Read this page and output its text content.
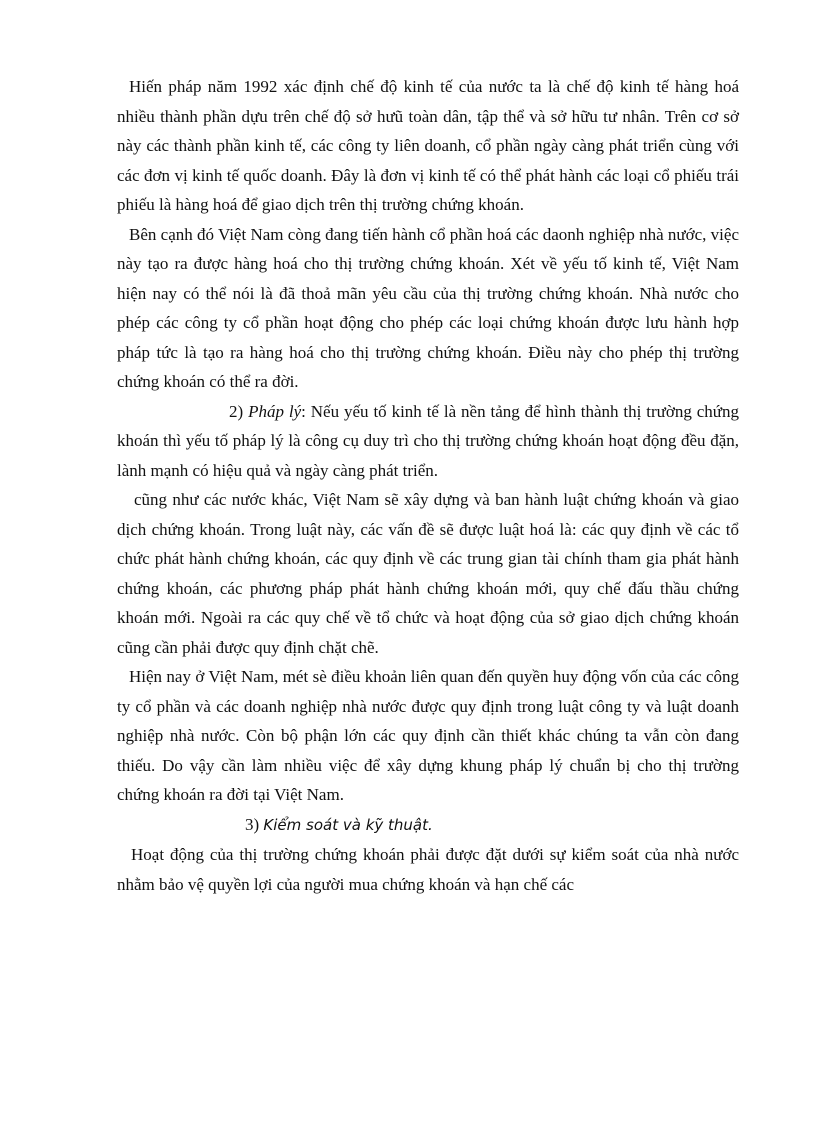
Hiến pháp năm 1992 xác định chế độ kinh tế của nước ta là chế độ kinh tế hàng hoá nhiều thành phần dựu trên chế độ sở hưũ toàn dân, tập thể và sở hữu tư nhân. Trên cơ sở này các thành phần kinh tế, các công ty liên doanh, cổ phần ngày càng phát triển cùng với các đơn vị kinh tế quốc doanh. Đây là đơn vị kinh tế có thể phát hành các loại cổ phiếu trái phiếu là hàng hoá để giao dịch trên thị trường chứng khoán.

Bên cạnh đó Việt Nam còng đang tiến hành cổ phần hoá các daonh nghiệp nhà nước, việc này tạo ra được hàng hoá cho thị trường chứng khoán. Xét về yếu tố kinh tế, Việt Nam hiện nay có thể nói là đã thoả mãn yêu cầu của thị trường chứng khoán. Nhà nước cho phép các công ty cổ phần hoạt động cho phép các loại chứng khoán được lưu hành hợp pháp tức là tạo ra hàng hoá cho thị trường chứng khoán. Điều này cho phép thị trường chứng khoán có thể ra đời.

2) Pháp lý: Nếu yếu tố kinh tế là nền tảng để hình thành thị trường chứng khoán thì yếu tố pháp lý là công cụ duy trì cho thị trường chứng khoán hoạt động đều đặn, lành mạnh có hiệu quả và ngày càng phát triển.

cũng như các nước khác, Việt Nam sẽ xây dựng và ban hành luật chứng khoán và giao dịch chứng khoán. Trong luật này, các vấn đề sẽ được luật hoá là: các quy định về các tổ chức phát hành chứng khoán, các quy định về các trung gian tài chính tham gia phát hành chứng khoán, các phương pháp phát hành chứng khoán mới, quy chế đấu thầu chứng khoán mới. Ngoài ra các quy chế về tổ chức và hoạt động của sở giao dịch chứng khoán cũng cần phải được quy định chặt chẽ.

Hiện nay ở Việt Nam, mét sè điều khoản liên quan đến quyền huy động vốn của các công ty cổ phần và các doanh nghiệp nhà nước được quy định trong luật công ty và luật doanh nghiệp nhà nước. Còn bộ phận lớn các quy định cần thiết khác chúng ta vẫn còn đang thiếu. Do vậy cần làm nhiều việc để xây dựng khung pháp lý chuẩn bị cho thị trường chứng khoán ra đời tại Việt Nam.

3) Kiểm soát và kỹ thuật.

Hoạt động của thị trường chứng khoán phải được đặt dưới sự kiểm soát của nhà nước nhằm bảo vệ quyền lợi của người mua chứng khoán và hạn chế các
